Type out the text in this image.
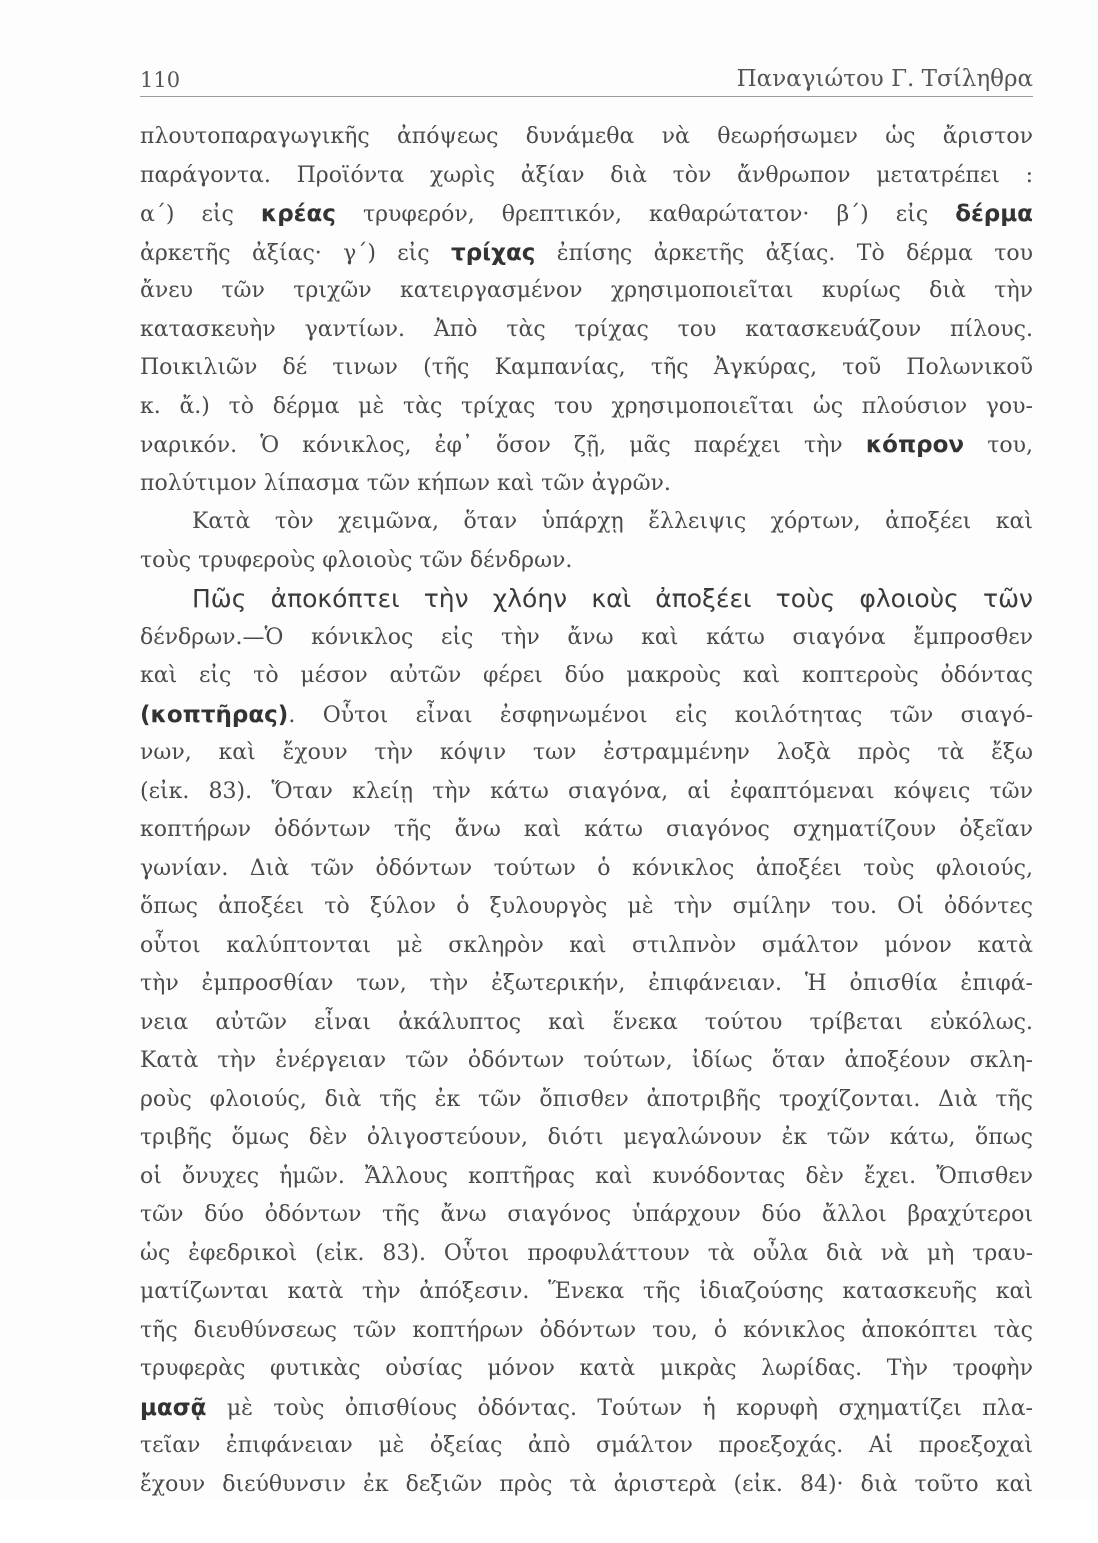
110	Παναγιώτου Γ. Τσίληθρα
πλουτοπαραγωγικῆς ἀπόψεως δυνάμεθα νὰ θεωρήσωμεν ὡς ἄριστον
παράγοντα. Προϊόντα χωρὶς ἀξίαν διὰ τὸν ἄνθρωπον μετατρέπει :
α΄) εἰς κρέας τρυφερόν, θρεπτικόν, καθαρώτατον· β΄) εἰς δέρμα
ἀρκετῆς ἀξίας· γ΄) εἰς τρίχας ἐπίσης ἀρκετῆς ἀξίας. Τὸ δέρμα του
ἄνευ τῶν τριχῶν κατειργασμένον χρησιμοποιεῖται κυρίως διὰ τὴν
κατασκευὴν γαντίων. Ἀπὸ τὰς τρίχας του κατασκευάζουν πίλους.
Ποικιλιῶν δέ τινων (τῆς Καμπανίας, τῆς Ἀγκύρας, τοῦ Πολωνικοῦ
κ. ἄ.) τὸ δέρμα μὲ τὰς τρίχας του χρησιμοποιεῖται ὡς πλούσιον γου-
ναρικόν. Ὁ κόνικλος, ἐφ᾽ ὅσον ζῇ, μᾶς παρέχει τὴν κόπρον του,
πολύτιμον λίπασμα τῶν κήπων καὶ τῶν ἀγρῶν.
Κατὰ τὸν χειμῶνα, ὅταν ὑπάρχῃ ἔλλειψις χόρτων, ἀποξέει καὶ
τοὺς τρυφεροὺς φλοιοὺς τῶν δένδρων.
Πῶς ἀποκόπτει τὴν χλόην καὶ ἀποξέει τοὺς φλοιοὺς τῶν
δένδρων.—Ὁ κόνικλος εἰς τὴν ἄνω καὶ κάτω σιαγόνα ἔμπροσθεν
καὶ εἰς τὸ μέσον αὐτῶν φέρει δύο μακροὺς καὶ κοπτεροὺς ὀδόντας
(κοπτῆρας). Οὗτοι εἶναι ἐσφηνωμένοι εἰς κοιλότητας τῶν σιαγό-
νων, καὶ ἔχουν τὴν κόψιν των ἐστραμμένην λοξὰ πρὸς τὰ ἔξω
(εἰκ. 83). Ὅταν κλείῃ τὴν κάτω σιαγόνα, αἱ ἐφαπτόμεναι κόψεις τῶν
κοπτήρων ὀδόντων τῆς ἄνω καὶ κάτω σιαγόνος σχηματίζουν ὀξεῖαν
γωνίαν. Διὰ τῶν ὀδόντων τούτων ὁ κόνικλος ἀποξέει τοὺς φλοιούς,
ὅπως ἀποξέει τὸ ξύλον ὁ ξυλουργὸς μὲ τὴν σμίλην του. Οἱ ὀδόντες
οὗτοι καλύπτονται μὲ σκληρὸν καὶ στιλπνὸν σμάλτον μόνον κατὰ
τὴν ἐμπροσθίαν των, τὴν ἐξωτερικήν, ἐπιφάνειαν. Ἡ ὀπισθία ἐπιφά-
νεια αὐτῶν εἶναι ἀκάλυπτος καὶ ἕνεκα τούτου τρίβεται εὐκόλως.
Κατὰ τὴν ἐνέργειαν τῶν ὀδόντων τούτων, ἰδίως ὅταν ἀποξέουν σκλη-
ροὺς φλοιούς, διὰ τῆς ἐκ τῶν ὄπισθεν ἀποτριβῆς τροχίζονται. Διὰ τῆς
τριβῆς ὅμως δὲν ὀλιγοστεύουν, διότι μεγαλώνουν ἐκ τῶν κάτω, ὅπως
οἱ ὄνυχες ἡμῶν. Ἄλλους κοπτῆρας καὶ κυνόδοντας δὲν ἔχει. Ὄπισθεν
τῶν δύο ὀδόντων τῆς ἄνω σιαγόνος ὑπάρχουν δύο ἄλλοι βραχύτεροι
ὡς ἐφεδρικοὶ (εἰκ. 83). Οὗτοι προφυλάττουν τὰ οὖλα διὰ νὰ μὴ τραυ-
ματίζωνται κατὰ τὴν ἀπόξεσιν. Ἕνεκα τῆς ἰδιαζούσης κατασκευῆς καὶ
τῆς διευθύνσεως τῶν κοπτήρων ὀδόντων του, ὁ κόνικλος ἀποκόπτει τὰς
τρυφερὰς φυτικὰς οὐσίας μόνον κατὰ μικρὰς λωρίδας. Τὴν τροφὴν
μασᾷ μὲ τοὺς ὀπισθίους ὀδόντας. Τούτων ἡ κορυφὴ σχηματίζει πλα-
τεῖαν ἐπιφάνειαν μὲ ὀξείας ἀπὸ σμάλτον προεξοχάς. Αἱ προεξοχαὶ
ἔχουν διεύθυνσιν ἐκ δεξιῶν πρὸς τὰ ἀριστερὰ (εἰκ. 84)· διὰ τοῦτο καὶ
